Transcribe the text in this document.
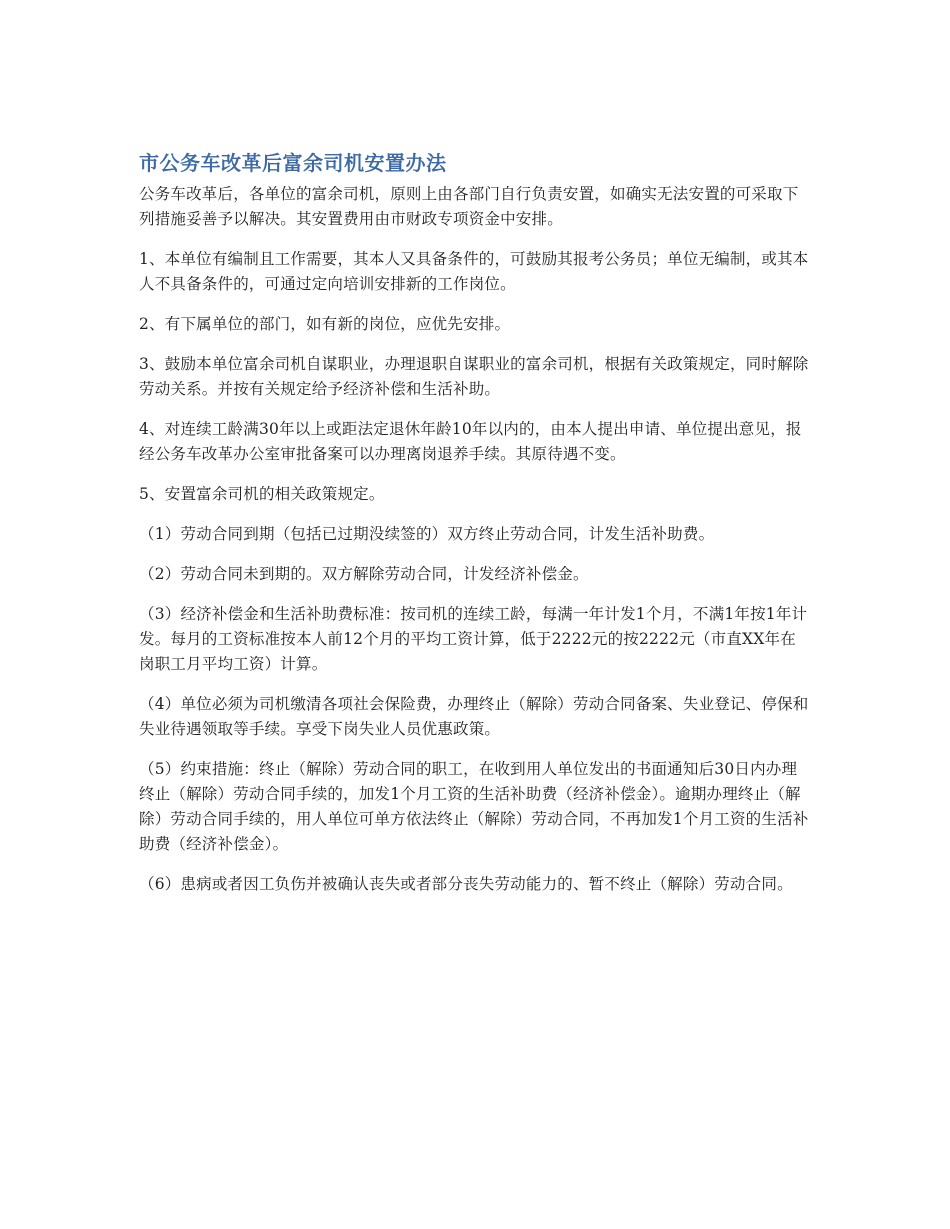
市公务车改革后富余司机安置办法

公务车改革后，各单位的富余司机，原则上由各部门自行负责安置，如确实无法安置的可采取下列措施妥善予以解决。其安置费用由市财政专项资金中安排。

1、本单位有编制且工作需要，其本人又具备条件的，可鼓励其报考公务员；单位无编制，或其本人不具备条件的，可通过定向培训安排新的工作岗位。

2、有下属单位的部门，如有新的岗位，应优先安排。

3、鼓励本单位富余司机自谋职业，办理退职自谋职业的富余司机，根据有关政策规定，同时解除劳动关系。并按有关规定给予经济补偿和生活补助。

4、对连续工龄满30年以上或距法定退休年龄10年以内的，由本人提出申请、单位提出意见，报经公务车改革办公室审批备案可以办理离岗退养手续。其原待遇不变。

5、安置富余司机的相关政策规定。

（1）劳动合同到期（包括已过期没续签的）双方终止劳动合同，计发生活补助费。

（2）劳动合同未到期的。双方解除劳动合同，计发经济补偿金。

（3）经济补偿金和生活补助费标准：按司机的连续工龄，每满一年计发1个月，不满1年按1年计发。每月的工资标准按本人前12个月的平均工资计算，低于2222元的按2222元（市直XX年在岗职工月平均工资）计算。

（4）单位必须为司机缴清各项社会保险费，办理终止（解除）劳动合同备案、失业登记、停保和失业待遇领取等手续。享受下岗失业人员优惠政策。

（5）约束措施：终止（解除）劳动合同的职工，在收到用人单位发出的书面通知后30日内办理终止（解除）劳动合同手续的，加发1个月工资的生活补助费（经济补偿金）。逾期办理终止（解除）劳动合同手续的，用人单位可单方依法终止（解除）劳动合同，不再加发1个月工资的生活补助费（经济补偿金）。

（6）患病或者因工负伤并被确认丧失或者部分丧失劳动能力的、暂不终止（解除）劳动合同。
